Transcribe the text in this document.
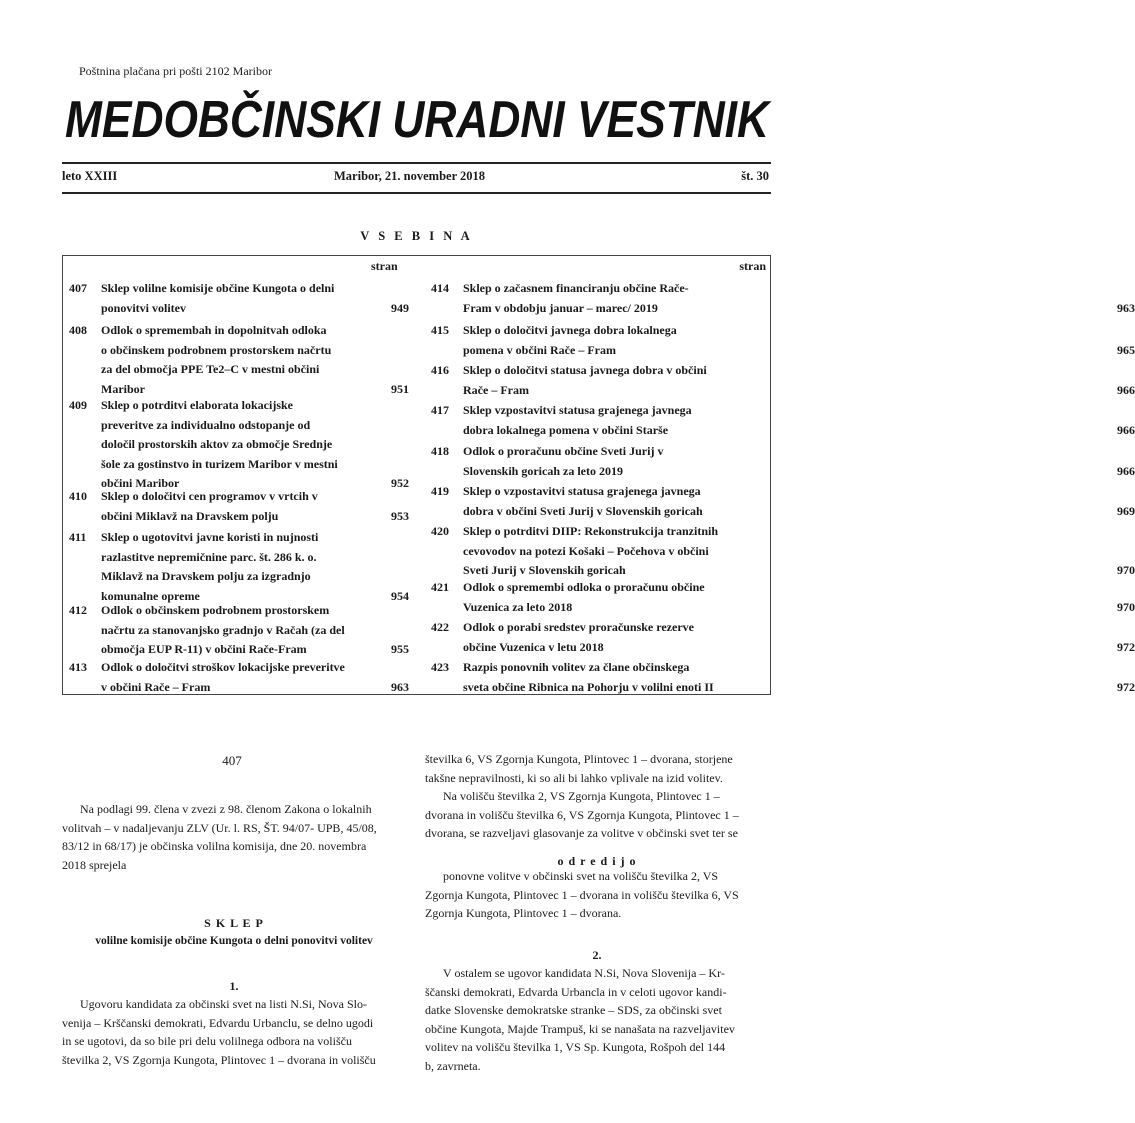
Poštnina plačana pri pošti 2102 Maribor
MEDOBČINSKI URADNI VESTNIK
leto XXIII	Maribor, 21. november 2018	št. 30
V S E B I N A
stran	stran
407 Sklep volilne komisije občine Kungota o delni
ponovitvi volitev	949
408 Odlok o spremembah in dopolnitvah odloka
o občinskem podrobnem prostorskem načrtu
za del območja PPE Te2–C v mestni občini
Maribor	951
409 Sklep o potrditvi elaborata lokacijske
preveritve za individualno odstopanje od
določil prostorskih aktov za območje Srednje
šole za gostinstvo in turizem Maribor v mestni
občini Maribor	952
410 Sklep o določitvi cen programov v vrtcih v
občini Miklavž na Dravskem polju	953
411 Sklep o ugotovitvi javne koristi in nujnosti
razlastitve nepremičnine parc. št. 286 k. o.
Miklavž na Dravskem polju za izgradnjo
komunalne opreme	954
412 Odlok o občinskem podrobnem prostorskem
načrtu za stanovanjsko gradnjo v Račah (za del
območja EUP R-11) v občini Rače-Fram	955
413 Odlok o določitvi stroškov lokacijske preveritve
v občini Rače – Fram	963
414 Sklep o začasnem financiranju občine Rače-
Fram v obdobju januar – marec/ 2019	963
415 Sklep o določitvi javnega dobra lokalnega
pomena v občini Rače – Fram	965
416 Sklep o določitvi statusa javnega dobra v občini
Rače – Fram	966
417 Sklep vzpostavitvi statusa grajenega javnega
dobra lokalnega pomena v občini Starše	966
418 Odlok o proračunu občine Sveti Jurij v
Slovenskih goricah za leto 2019	966
419 Sklep o vzpostavitvi statusa grajenega javnega
dobra v občini Sveti Jurij v Slovenskih goricah	969
420 Sklep o potrditvi DIIP: Rekonstrukcija tranzitnih
cevovodov na potezi Košaki – Počehova v občini
Sveti Jurij v Slovenskih goricah	970
421 Odlok o spremembi odloka o proračunu občine
Vuzenica za leto 2018	970
422 Odlok o porabi sredstev proračunske rezerve
občine Vuzenica v letu 2018	972
423 Razpis ponovnih volitev za člane občinskega
sveta občine Ribnica na Pohorju v volilni enoti II	972
407

Na podlagi 99. člena v zvezi z 98. členom Zakona o lokalnih

volitvah – v nadaljevanju ZLV (Ur. l. RS, ŠT. 94/07- UPB, 45/08,

83/12 in 68/17) je občinska volilna komisija, dne 20. novembra

2018 sprejela

S K L E P
volilne komisije občine Kungota o delni ponovitvi volitev
1.

Ugovoru kandidata za občinski svet na listi N.Si, Nova Slo-

venija – Krščanski demokrati, Edvardu Urbanclu, se delno ugodi

in se ugotovi, da so bile pri delu volilnega odbora na volišču

številka 2, VS Zgornja Kungota, Plintovec 1 – dvorana in volišču

številka 6, VS Zgornja Kungota, Plintovec 1 – dvorana, storjene

takšne nepravilnosti, ki so ali bi lahko vplivale na izid volitev.

Na volišču številka 2, VS Zgornja Kungota, Plintovec 1 –

dvorana in volišču številka 6, VS Zgornja Kungota, Plintovec 1 –

dvorana, se razveljavi glasovanje za volitve v občinski svet ter se

o d r e d i j o

ponovne volitve v občinski svet na volišču številka 2, VS

Zgornja Kungota, Plintovec 1 – dvorana in volišču številka 6, VS

Zgornja Kungota, Plintovec 1 – dvorana.

2.

V ostalem se ugovor kandidata N.Si, Nova Slovenija – Kr-

ščanski demokrati, Edvarda Urbancla in v celoti ugovor kandi-

datke Slovenske demokratske stranke – SDS, za občinski svet

občine Kungota, Majde Trampuš, ki se nanašata na razveljavitev

volitev na volišču številka 1, VS Sp. Kungota, Rošpoh del 144

b, zavrneta.
